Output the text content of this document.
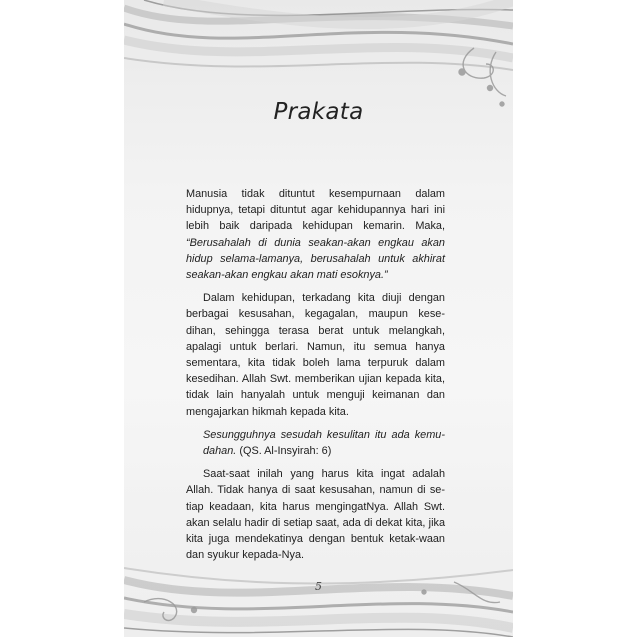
Prakata

Manusia tidak dituntut kesempurnaan dalam hidupnya, tetapi dituntut agar kehidupannya hari ini lebih baik daripada kehidupan kemarin. Maka, “Berusahalah di dunia seakan-akan engkau akan hidup selama-lamanya, berusahalah untuk akhirat seakan-akan engkau akan mati esoknya.”

Dalam kehidupan, terkadang kita diuji dengan berbagai kesusahan, kegagalan, maupun kese-dihan, sehingga terasa berat untuk melangkah, apalagi untuk berlari. Namun, itu semua hanya sementara, kita tidak boleh lama terpuruk dalam kesedihan. Allah Swt. memberikan ujian kepada kita, tidak lain hanyalah untuk menguji keimanan dan mengajarkan hikmah kepada kita.

Sesungguhnya sesudah kesulitan itu ada kemu-dahan. (QS. Al-Insyirah: 6)

Saat-saat inilah yang harus kita ingat adalah Allah. Tidak hanya di saat kesusahan, namun di se-tiap keadaan, kita harus mengingatNya. Allah Swt. akan selalu hadir di setiap saat, ada di dekat kita, jika kita juga mendekatinya dengan bentuk ketak-waan dan syukur kepada-Nya.

5
